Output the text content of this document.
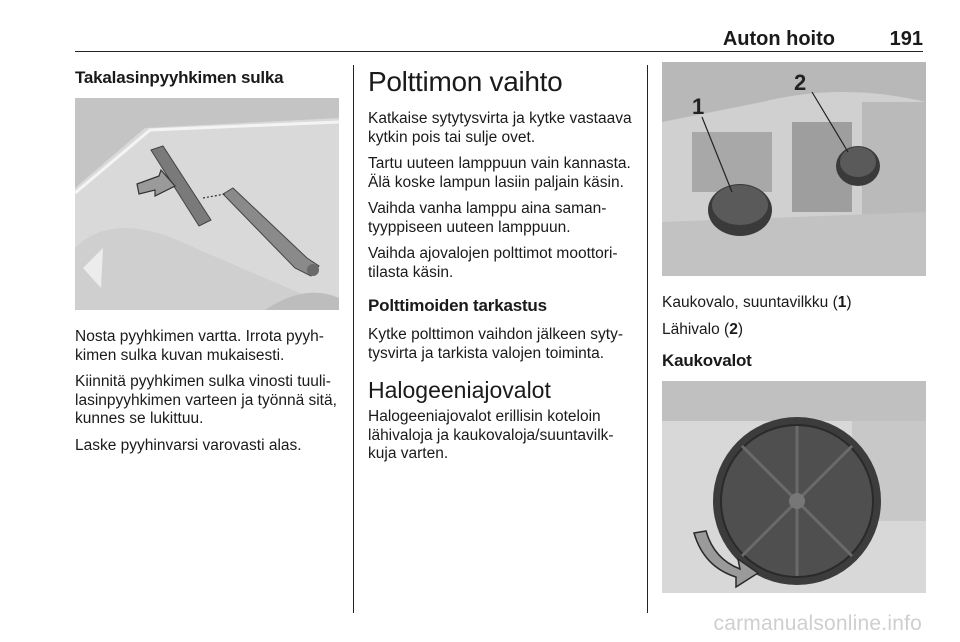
Auton hoito	191
Takalasinpyyhkimen sulka

Nosta pyyhkimen vartta. Irrota pyyh-kimen sulka kuvan mukaisesti.

Kiinnitä pyyhkimen sulka vinosti tuuli-lasinpyyhkimen varteen ja työnnä sitä, kunnes se lukittuu.

Laske pyyhinvarsi varovasti alas.

Polttimon vaihto

Katkaise sytytysvirta ja kytke vastaava kytkin pois tai sulje ovet.

Tartu uuteen lamppuun vain kannasta. Älä koske lampun lasiin paljain käsin.

Vaihda vanha lamppu aina saman-tyyppiseen uuteen lamppuun.

Vaihda ajovalojen polttimot moottori-tilasta käsin.

Polttimoiden tarkastus

Kytke polttimon vaihdon jälkeen syty-tysvirta ja tarkista valojen toiminta.

Halogeeniajovalot

Halogeeniajovalot erillisin koteloin lähivaloja ja kaukovaloja/suuntavilk-kuja varten.

1
2

Kaukovalo, suuntavilkku (1)

Lähivalo (2)

Kaukovalot
carmanualsonline.info
